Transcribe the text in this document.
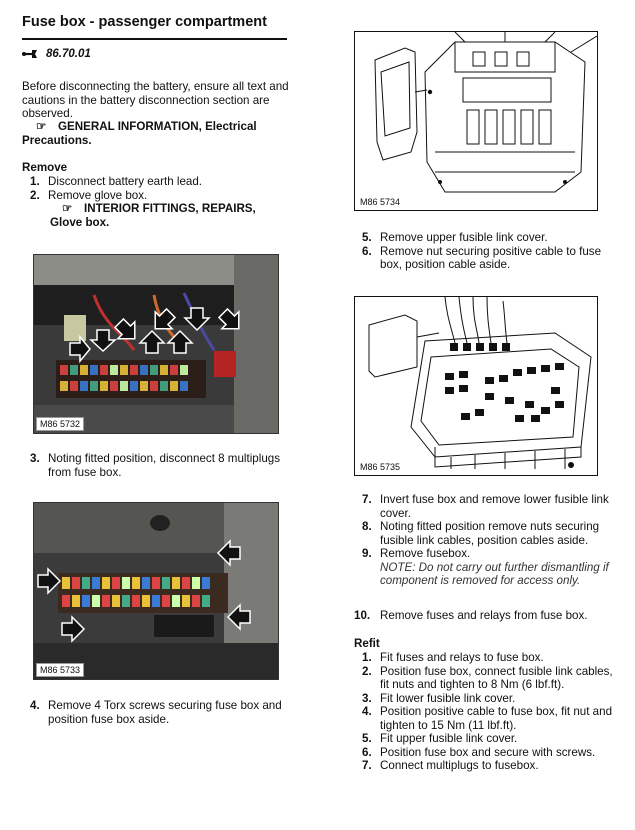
Fuse box - passenger compartment
86.70.01
Before disconnecting the battery, ensure all text and cautions in the battery disconnection section are observed.
☞ GENERAL INFORMATION, Electrical Precautions.
Remove
1. Disconnect battery earth lead.
2. Remove glove box.
☞ INTERIOR FITTINGS, REPAIRS, Glove box.
M86 5732
3. Noting fitted position, disconnect 8 multiplugs from fuse box.
M86 5733
4. Remove 4 Torx screws securing fuse box and position fuse box aside.
M86 5734
5. Remove upper fusible link cover.
6. Remove nut securing positive cable to fuse box, position cable aside.
M86 5735
7. Invert fuse box and remove lower fusible link cover.
8. Noting fitted position remove nuts securing fusible link cables, position cables aside.
9. Remove fusebox.
NOTE: Do not carry out further dismantling if component is removed for access only.
10. Remove fuses and relays from fuse box.
Refit
1. Fit fuses and relays to fuse box.
2. Position fuse box, connect fusible link cables, fit nuts and tighten to 8 Nm (6 lbf.ft).
3. Fit lower fusible link cover.
4. Position positive cable to fuse box, fit nut and tighten to 15 Nm (11 lbf.ft).
5. Fit upper fusible link cover.
6. Position fuse box and secure with screws.
7. Connect multiplugs to fusebox.
